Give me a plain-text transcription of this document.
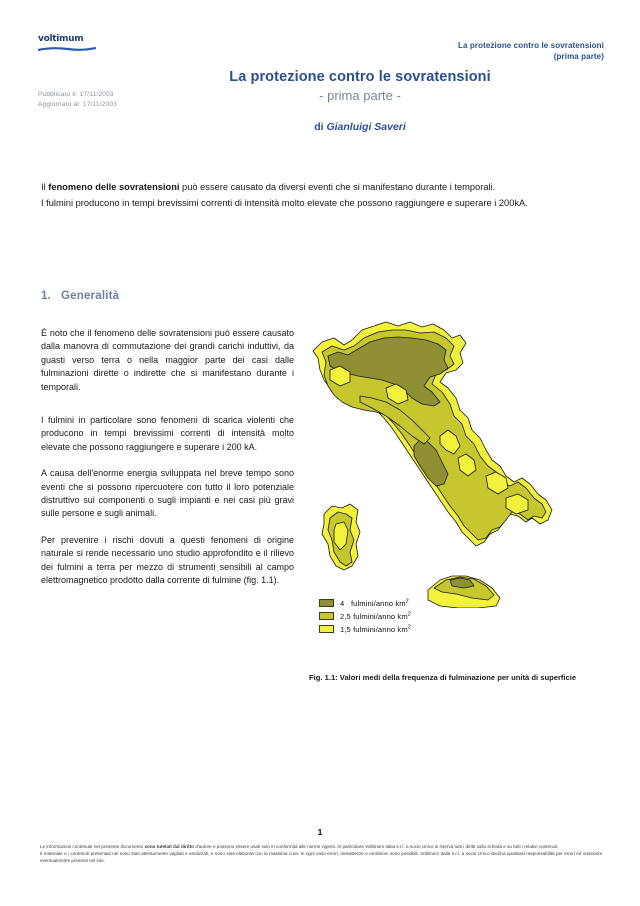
voltimum
La protezione contro le sovratensioni
(prima parte)
Pubblicato il: 17/11/2003
Aggiornato al: 17/11/2003
La protezione contro le sovratensioni
- prima parte -
di Gianluigi Saveri
Il fenomeno delle sovratensioni può essere causato da diversi eventi che si manifestano durante i temporali.
I fulmini producono in tempi brevissimi correnti di intensità molto elevate che possono raggiungere e superare i 200kA.
1. Generalità

É noto che il fenomeno delle sovratensioni può essere causato dalla manovra di commutazione dei grandi carichi induttivi, da guasti verso terra o nella maggior parte dei casi dalle fulminazioni dirette o indirette che si manifestano durante i temporali.

I fulmini in particolare sono fenomeni di scarica violenti che producono in tempi brevissimi correnti di intensità molto elevate che possono raggiungere e superare i 200 kA.

A causa dell'enorme energia sviluppata nel breve tempo sono eventi che si possono ripercuotere con tutto il loro potenziale distruttivo sui componenti o sugli impianti e nei casi più gravi sulle persone e sugli animali.

Per prevenire i rischi dovuti a questi fenomeni di origine naturale si rende necessario uno studio approfondito e il rilievo dei fulmini a terra per mezzo di strumenti sensibili al campo elettromagnetico prodotto dalla corrente di fulmine (fig. 1.1).

4   fulmini/anno $km^2$
2,5 fulmini/anno $km^2$
1,5 fulmini/anno $km^2$
Fig. 1.1: Valori medi della frequenza di fulminazione per unità di superficie
1

Le informazioni contenute nel presente documento sono tutelati dal diritto d'autore e possono essere usati solo in conformità alle norme vigenti. In particolare Voltimum Italia s.r.l. a socio Unico si riserva tutti i diritti sulla scheda e su tutti i relativi contenuti.

Il materiale e i contenuti presentati nel sono stati attentamente vagliati e analizzati, e sono stati elaborati con la massima cura. In ogni caso errori, inesattezze e omissioni sono possibili. Voltimum Italia s.r.l. a socio Unico declina qualsiasi responsabilità per errori ed omissioni eventualmente presenti nel sito.
